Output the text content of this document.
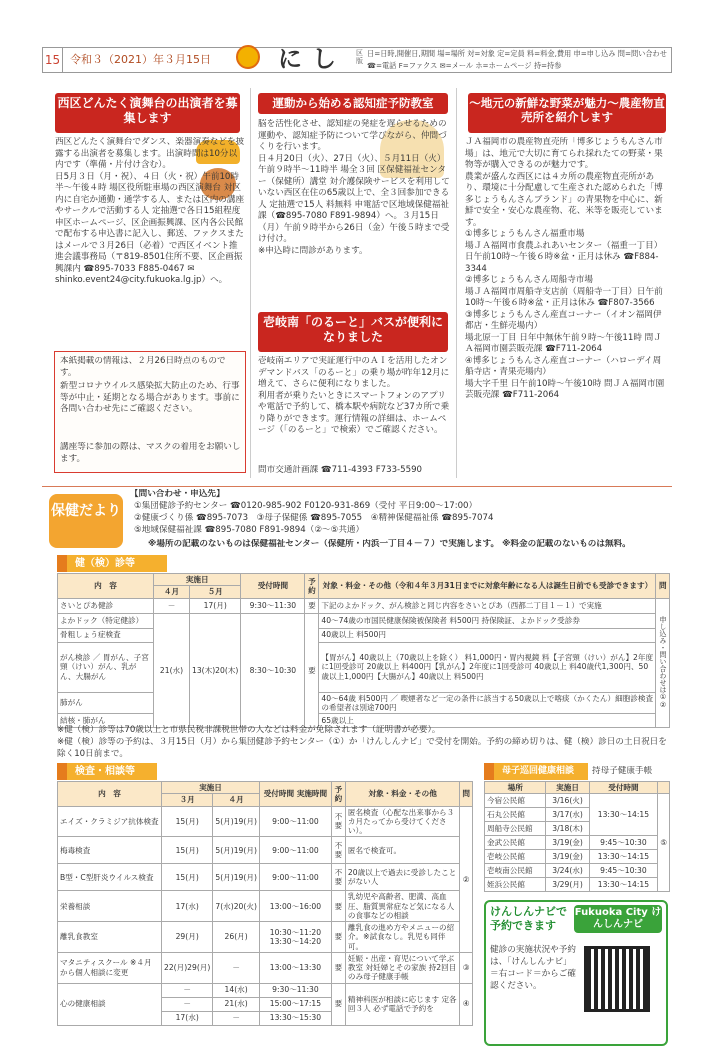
15 令和３（2021）年３月15日	にし 区版
日=日時,開催日,期間 場=場所 対=対象 定=定員 料=料金,費用 申=申し込み 問=問い合わせ ☎=電話 F=ファクス ✉=メール ホ=ホームページ 持=持参
西区どんたく演舞台の出演者を募集します
西区どんたく演舞台でダンス、楽器演奏などを披露する出演者を募集します。出演時間は10分以内です（準備・片付け含む）。
日5月３日（月・祝）、４日（火・祝）午前10時半～午後４時 場区役所駐車場の西区演舞台 対区内に自宅か通勤・通学する人、または区内の講座やサークルで活動する人 定抽選で各日15組程度 申区ホームページ、区企画振興課、区内各公民館で配布する申込書に記入し、郵送、ファクスまたはメールで３月26日（必着）で西区イベント推進会議事務局（〒819-8501住所不要、区企画振興課内 ☎895-7033 F885-0467 ✉shinko.event24@city.fukuoka.lg.jp）へ。
本紙掲載の情報は、２月26日時点のものです。
新型コロナウイルス感染拡大防止のため、行事等が中止・延期となる場合があります。事前に各問い合わせ先にご確認ください。
講座等に参加の際は、マスクの着用をお願いします。
運動から始める認知症予防教室
脳を活性化させ、認知症の発症を遅らせるための運動や、認知症予防について学びながら、仲間づくりを行います。
日４月20日（火）、27日（火）、５月11日（火）午前９時半～11時半 場全３回 区保健福祉センター（保健所）講堂 対介護保険サービスを利用していない西区在住の65歳以上で、全３回参加できる人 定抽選で15人 料無料 申電話で区地域保健福祉課（☎895-7080 F891-9894）へ。３月15日（月）午前９時半から26日（金）午後５時まで受け付け。
※申込時に問診があります。
壱岐南「のるーと」バスが便利になりました
壱岐南エリアで実証運行中のＡＩを活用したオンデマンドバス「のるーと」の乗り場が昨年12月に増えて、さらに便利になりました。
利用者が乗りたいときにスマートフォンのアプリや電話で予約して、橋本駅や病院など37カ所で乗り降りができます。運行情報の詳細は、ホームページ（「のるーと」で検索）でご確認ください。
問市交通計画課 ☎711-4393 F733-5590
～地元の新鮮な野菜が魅力～農産物直売所を紹介します
ＪＡ福岡市の農産物直売所「博多じょうもんさん市場」は、地元で大切に育てられ採れたての野菜・果物等が購入できるのが魅力です。
農業が盛んな西区には４カ所の農産物直売所があり、環境に十分配慮して生産された認められた「博多じょうもんさんブランド」の青果物を中心に、新鮮で安全・安心な農産物、花、米等を販売しています。
①博多じょうもんさん福重市場
場ＪＡ福岡市食農ふれあいセンター（福重一丁目）日午前10時～午後６時※盆・正月は休み ☎F884-3344
②博多じょうもんさん周船寺市場
場ＪＡ福岡市周船寺支店前（周船寺一丁目）日午前10時～午後６時※盆・正月は休み ☎F807-3566
③博多じょうもんさん産直コーナー（イオン福岡伊都店・生鮮売場内）
場北原一丁目 日年中無休午前９時～午後11時 問ＪＡ福岡市園芸販売課 ☎F711-2064
④博多じょうもんさん産直コーナー（ハローデイ周船寺店・青果売場内）
場大字千里 日午前10時～午後10時 問ＪＡ福岡市園芸販売課 ☎F711-2064
保健だより
【問い合わせ・申込先】
①集団健診予約センター ☎0120-985-902 F0120-931-869（受付 平日9:00～17:00）
②健康づくり係 ☎895-7073　③母子保健係 ☎895-7055　④精神保健福祉係 ☎895-7074
⑤地域保健福祉課 ☎895-7080 F891-9894（②～⑤共通）
※場所の記載のないものは保健福祉センター（保健所・内浜一丁目４－７）で実施します。 ※料金の記載のないものは無料。
健（検）診等
内　容	実施日		受付時間	予約	対象・料金・その他（令和４年３月31日までに対象年齢になる人は誕生日前でも受診できます）	問
	４月	５月				
さいとぴあ健診	－	17(月)	9:30～11:30	要	下記のよかドック、がん検診と同じ内容をさいとぴあ（西都二丁目１－１）で実施	申し込み・問い合わせは①②
よかドック（特定健診）	21(水)	13(木)20(木)	8:30～10:30	要	40～74歳の市国民健康保険被保険者 料500円 持保険証、よかドック受診券	
骨粗しょう症検査					40歳以上 料500円	
がん検診 ／ 胃がん、子宮頸（けい）がん、乳がん、大腸がん					【胃がん】40歳以上（70歳以上を除く） 料1,000円・胃内視鏡 料【子宮頸（けい）がん】2年度に1回受診可 20歳以上 料400円【乳がん】2年度に1回受診可 40歳以上 料40歳代1,300円、50歳以上1,000円【大腸がん】40歳以上 料500円	
肺がん					40～64歳 料500円 ／ 喫煙者など一定の条件に該当する50歳以上で喀痰（かくたん）細胞診検査の希望者は別途700円	
結核・肺がん					65歳以上	
※健（検）診等は70歳以上と市県民税非課税世帯の人などは料金が免除されます（証明書が必要）。
※健（検）診等の予約は、３月15日（月）から集団健診予約センター（①）か「けんしんナビ」で受付を開始。予約の締め切りは、健（検）診日の土日祝日を除く10日前まで。
検査・相談等
内　容	実施日		受付時間 実施時間	予約	対象・料金・その他	問
	３月	４月				
エイズ・クラミジア抗体検査	15(月)	5(月)19(月)	9:00～11:00	不要	匿名検査（心配な出来事から３カ月たってから受けてください）。	②
梅毒検査	15(月)	5(月)19(月)	9:00～11:00	不要	匿名で検査可。	
B型・C型肝炎ウイルス検査	15(月)	5(月)19(月)	9:00～11:00	不要	20歳以上で過去に受診したことがない人	
栄養相談	17(水)	7(水)20(火)	13:00～16:00	要	乳幼児や高齢者、肥満、高血圧、脂質異常症など気になる人の食事などの相談	
離乳食教室	29(月)	26(月)	10:30～11:20 13:30～14:20	要	離乳食の進め方やメニューの紹介。※試食なし。乳児も同伴可。	
マタニティスクール ※４月から個人相談に変更	22(月)29(月)	－	13:00～13:30	要	妊娠・出産・育児について学ぶ教室 対妊婦とその家族 持2回目のみ母子健康手帳	③
心の健康相談	－	14(水)	9:30～11:30	要	精神科医が相談に応じます 定各回３人 必ず電話で予約を	④
	－	21(水)	15:00～17:15			
	17(水)	－	13:30～15:30			
母子巡回健康相談	持母子健康手帳
場所	実施日	受付時間	
今宿公民館	3/16(火)	13:30～14:15	⑤
石丸公民館	3/17(水)		
周船寺公民館	3/18(木)		
金武公民館	3/19(金)	9:45～10:30	
壱岐公民館	3/19(金)	13:30～14:15	
壱岐南公民館	3/24(水)	9:45～10:30	
姪浜公民館	3/29(月)	13:30～14:15	
けんしんナビで予約できます
Fukuoka City けんしんナビ
健診の実施状況や予約は、「けんしんナビ」＝右コード＝からご確認ください。
